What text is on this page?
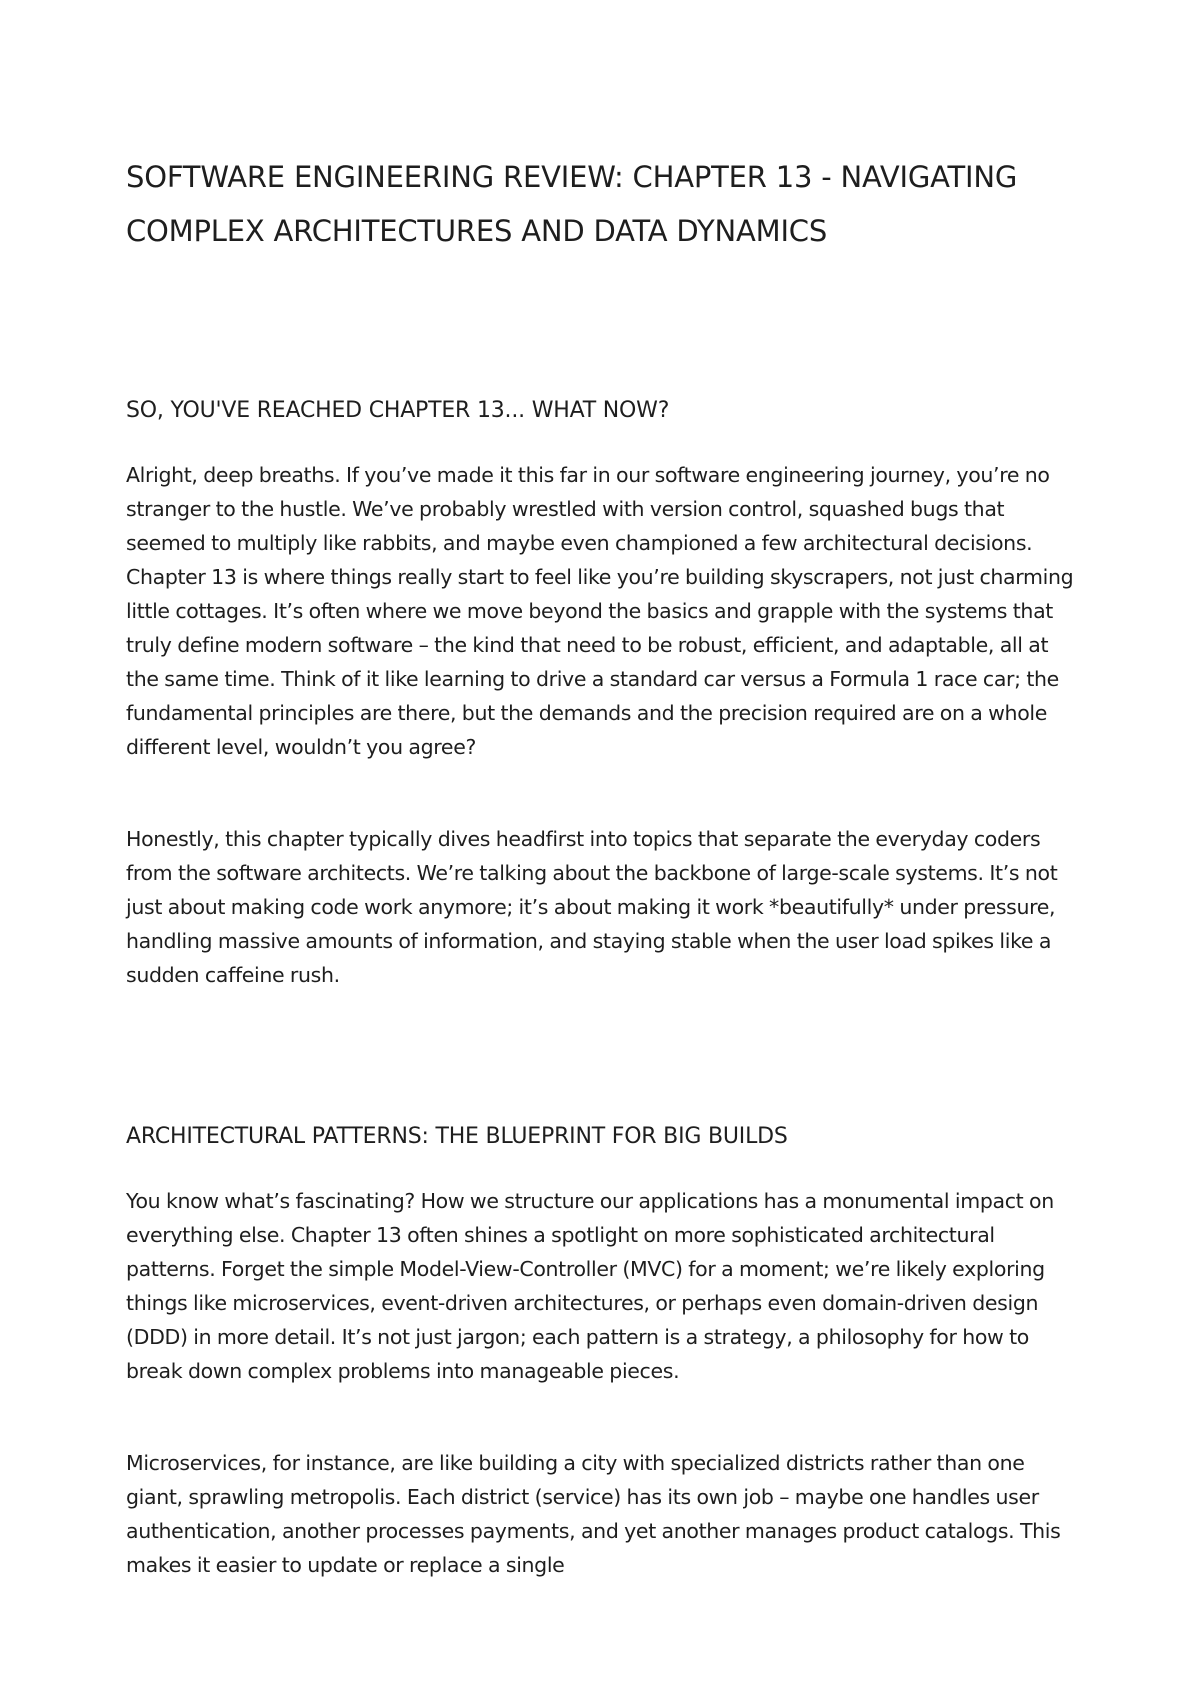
SOFTWARE ENGINEERING REVIEW: CHAPTER 13 - NAVIGATING COMPLEX ARCHITECTURES AND DATA DYNAMICS
SO, YOU'VE REACHED CHAPTER 13... WHAT NOW?

Alright, deep breaths. If you’ve made it this far in our software engineering journey, you’re no stranger to the hustle. We’ve probably wrestled with version control, squashed bugs that seemed to multiply like rabbits, and maybe even championed a few architectural decisions. Chapter 13 is where things really start to feel like you’re building skyscrapers, not just charming little cottages. It’s often where we move beyond the basics and grapple with the systems that truly define modern software – the kind that need to be robust, efficient, and adaptable, all at the same time. Think of it like learning to drive a standard car versus a Formula 1 race car; the fundamental principles are there, but the demands and the precision required are on a whole different level, wouldn’t you agree?

Honestly, this chapter typically dives headfirst into topics that separate the everyday coders from the software architects. We’re talking about the backbone of large-scale systems. It’s not just about making code work anymore; it’s about making it work *beautifully* under pressure, handling massive amounts of information, and staying stable when the user load spikes like a sudden caffeine rush.

ARCHITECTURAL PATTERNS: THE BLUEPRINT FOR BIG BUILDS

You know what’s fascinating? How we structure our applications has a monumental impact on everything else. Chapter 13 often shines a spotlight on more sophisticated architectural patterns. Forget the simple Model-View-Controller (MVC) for a moment; we’re likely exploring things like microservices, event-driven architectures, or perhaps even domain-driven design (DDD) in more detail. It’s not just jargon; each pattern is a strategy, a philosophy for how to break down complex problems into manageable pieces.

Microservices, for instance, are like building a city with specialized districts rather than one giant, sprawling metropolis. Each district (service) has its own job – maybe one handles user authentication, another processes payments, and yet another manages product catalogs. This makes it easier to update or replace a single
